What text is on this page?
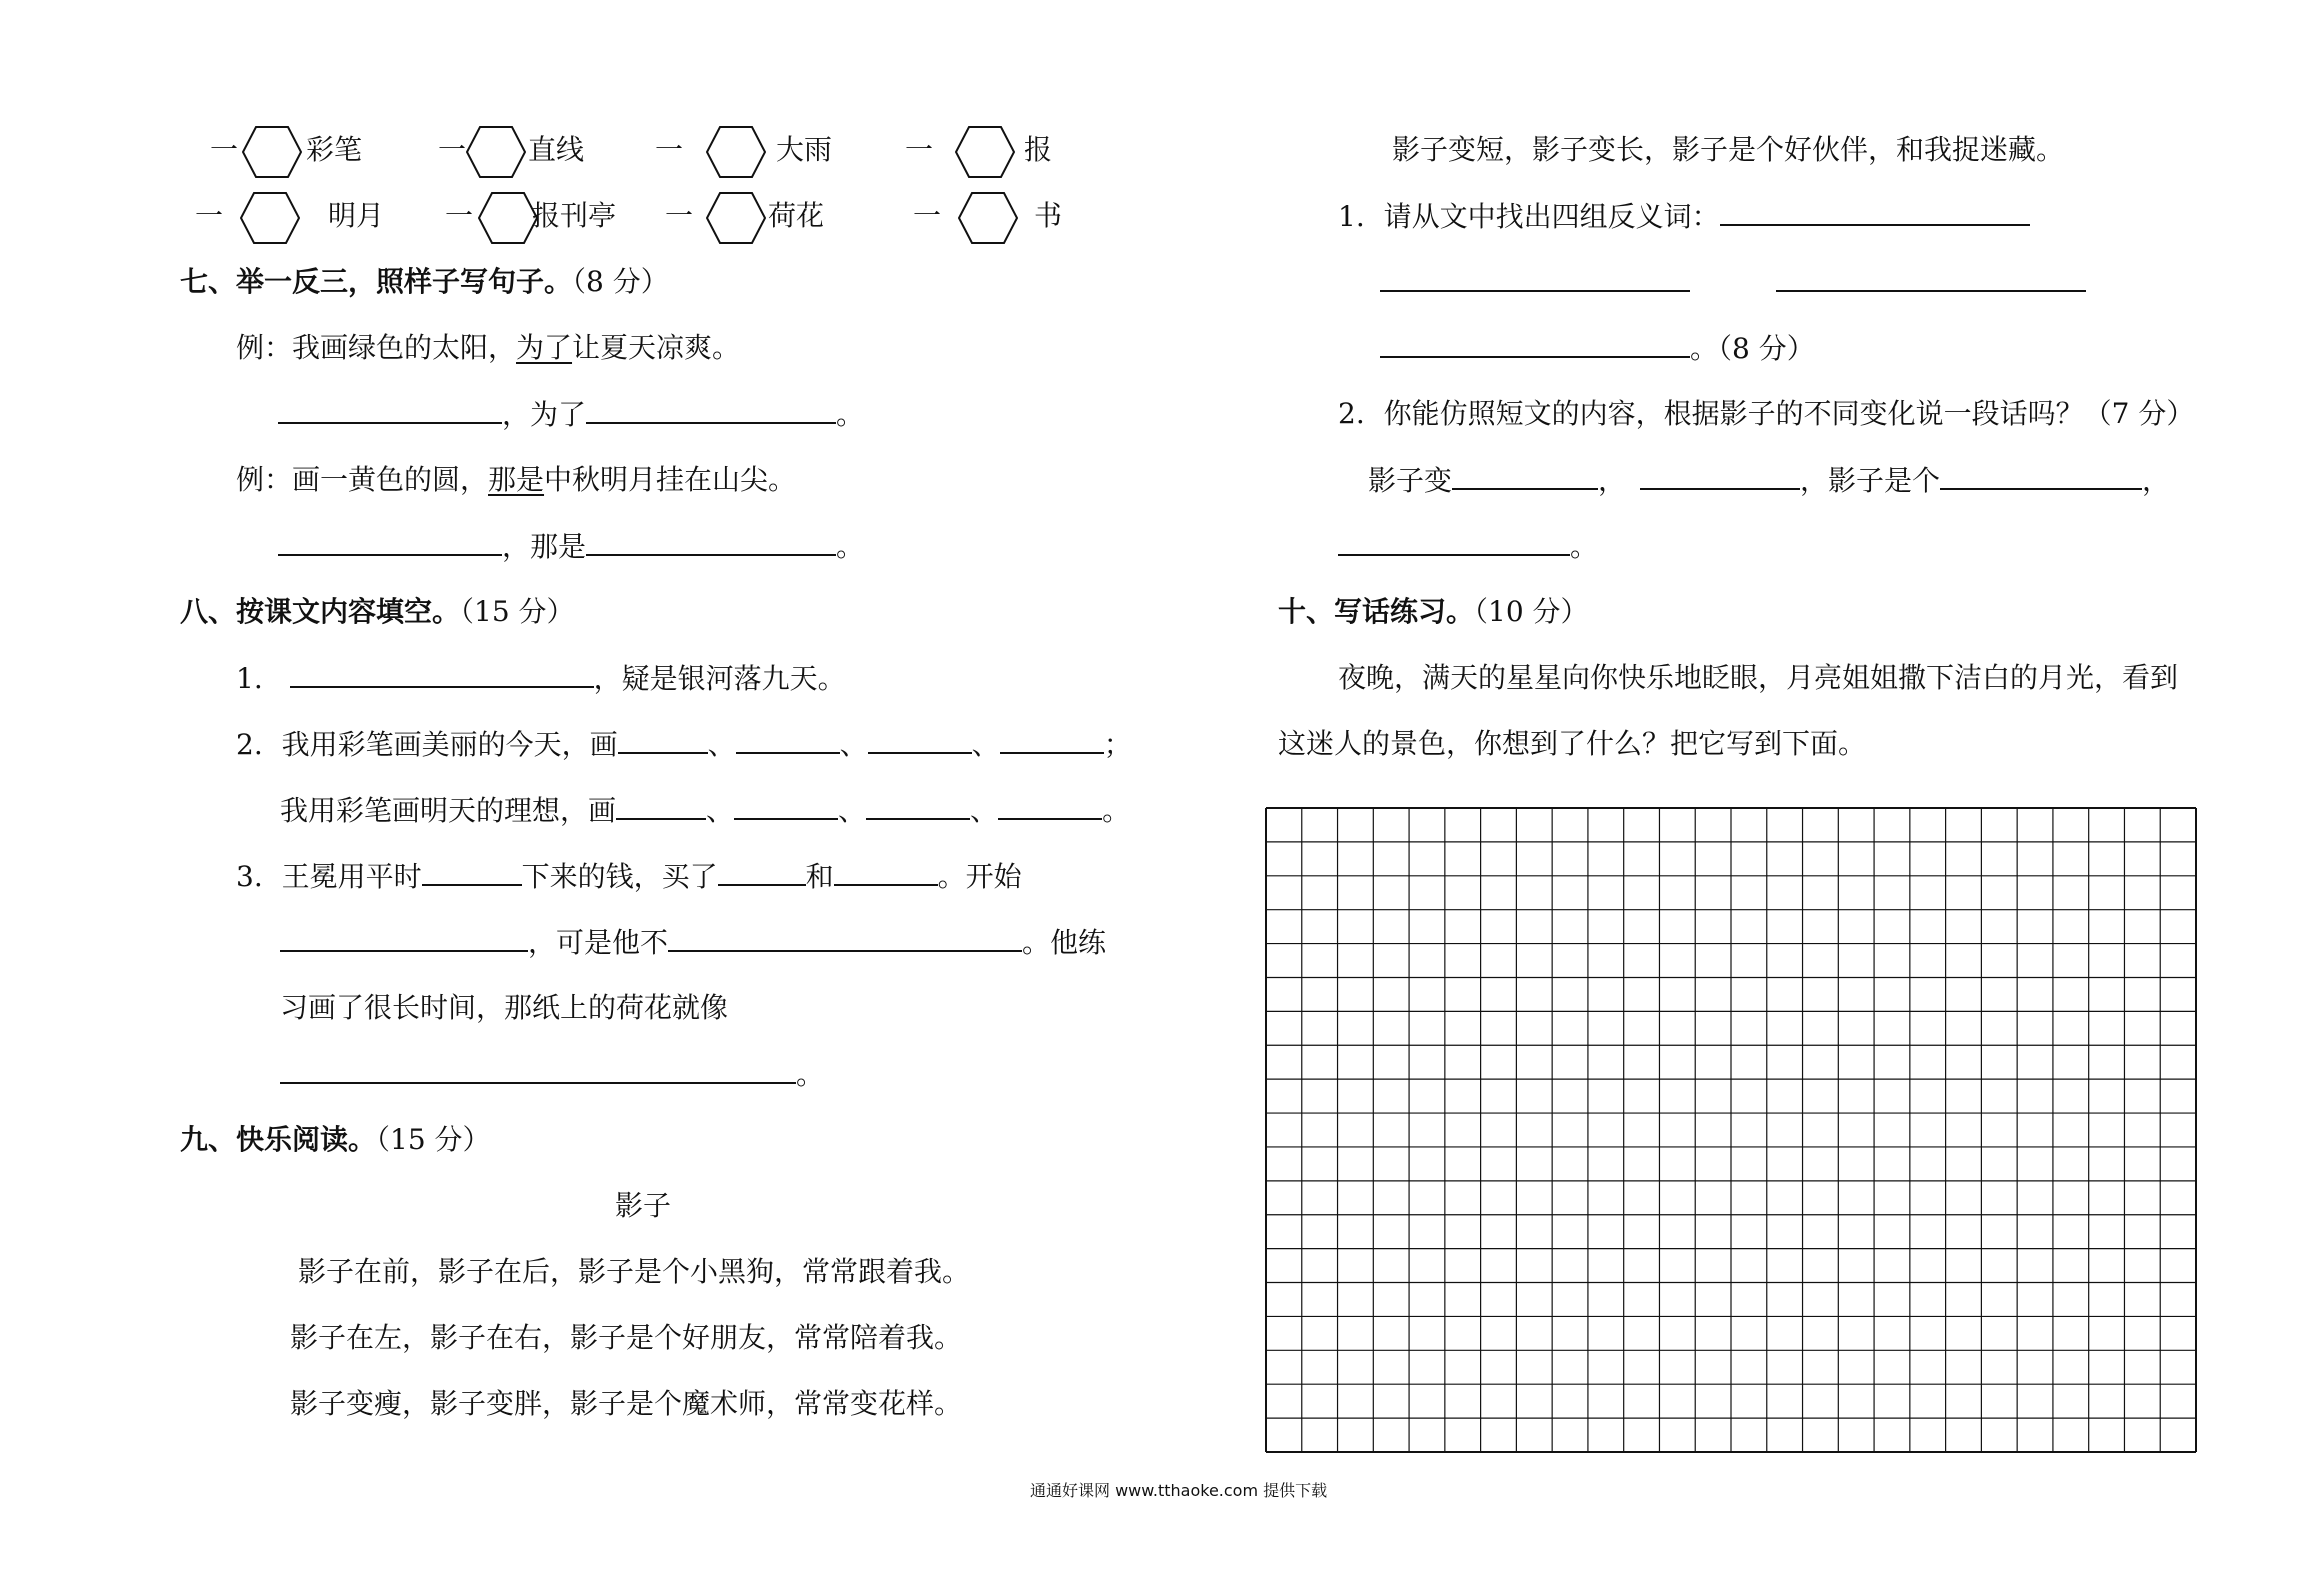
一 彩笔	一 直线	一	大雨	一	报
一	明月 一 报刊亭 一	荷花	一	书
七、举一反三，照样子写句子。（8 分）
例：我画绿色的太阳，为了让夏天凉爽。
，为了	。
例：画一黄色的圆，那是中秋明月挂在山尖。
，那是	。
八、按课文内容填空。（15 分）
1.	，疑是银河落九天。
2. 我用彩笔画美丽的今天，画	、	、	、	；
我用彩笔画明天的理想，画	、	、	、	。
3. 王冕用平时	下来的钱，买了	和	。开始
，可是他不	。他练
习画了很长时间，那纸上的荷花就像
。
九、快乐阅读。（15 分）
影子
影子在前，影子在后，影子是个小黑狗，常常跟着我。
影子在左，影子在右，影子是个好朋友，常常陪着我。
影子变瘦，影子变胖，影子是个魔术师，常常变花样。
影子变短，影子变长，影子是个好伙伴，和我捉迷藏。
1. 请从文中找出四组反义词：
。（8 分）
2. 你能仿照短文的内容，根据影子的不同变化说一段话吗？（7 分）
影子变	，	，影子是个	，
。
十、写话练习。（10 分）
夜晚，满天的星星向你快乐地眨眼，月亮姐姐撒下洁白的月光，看到
这迷人的景色，你想到了什么？把它写到下面。
通通好课网 www.tthaoke.com 提供下载
